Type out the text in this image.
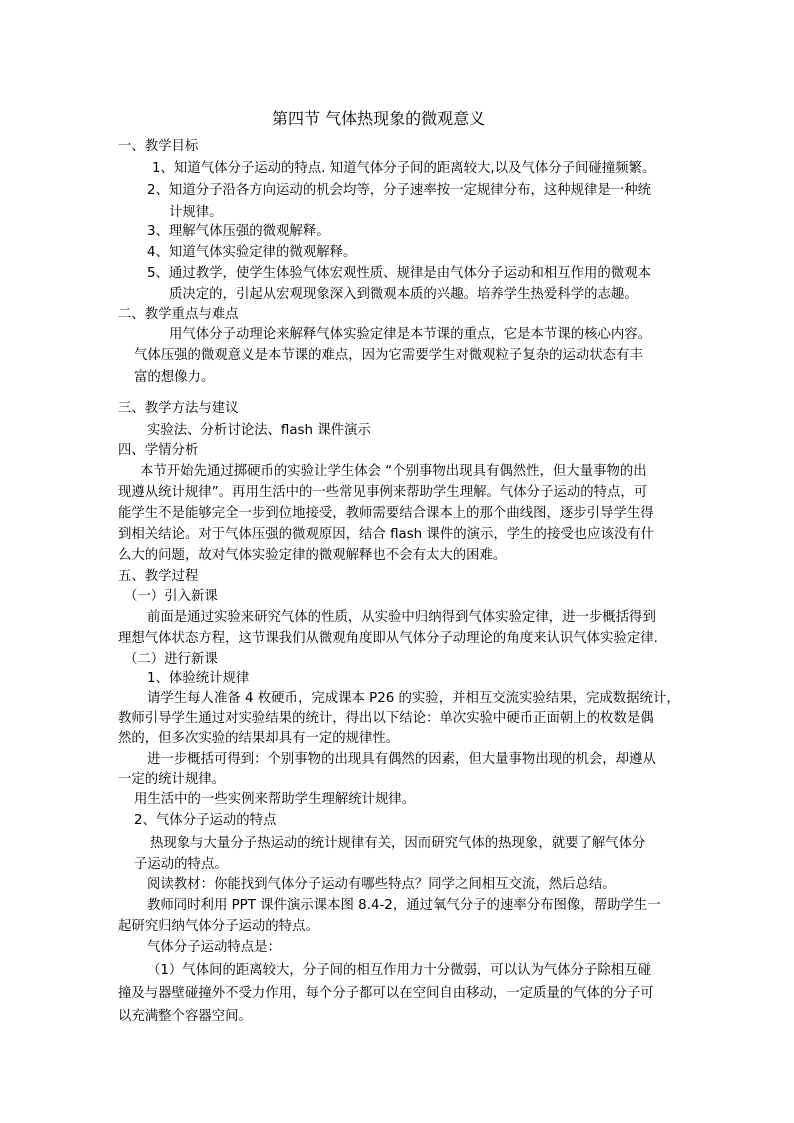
第四节 气体热现象的微观意义
一、教学目标
1、知道气体分子运动的特点. 知道气体分子间的距离较大,以及气体分子间碰撞频繁。
2、知道分子沿各方向运动的机会均等，分子速率按一定规律分布，这种规律是一种统
计规律。
3、理解气体压强的微观解释。
4、知道气体实验定律的微观解释。
5、通过教学，使学生体验气体宏观性质、规律是由气体分子运动和相互作用的微观本
质决定的，引起从宏观现象深入到微观本质的兴趣。培养学生热爱科学的志趣。
二、教学重点与难点
用气体分子动理论来解释气体实验定律是本节课的重点，它是本节课的核心内容。
气体压强的微观意义是本节课的难点，因为它需要学生对微观粒子复杂的运动状态有丰
富的想像力。
三、教学方法与建议
实验法、分析讨论法、flash 课件演示
四、学情分析
本节开始先通过掷硬币的实验让学生体会 “个别事物出现具有偶然性，但大量事物的出
现遵从统计规律”。再用生活中的一些常见事例来帮助学生理解。气体分子运动的特点，可
能学生不是能够完全一步到位地接受，教师需要结合课本上的那个曲线图，逐步引导学生得
到相关结论。对于气体压强的微观原因，结合 flash 课件的演示，学生的接受也应该没有什
么大的问题，故对气体实验定律的微观解释也不会有太大的困难。
五、教学过程
（一）引入新课
前面是通过实验来研究气体的性质，从实验中归纳得到气体实验定律，进一步概括得到
理想气体状态方程，这节课我们从微观角度即从气体分子动理论的角度来认识气体实验定律.
（二）进行新课
1、体验统计规律
请学生每人准备 4 枚硬币，完成课本 P26 的实验，并相互交流实验结果，完成数据统计，
教师引导学生通过对实验结果的统计，得出以下结论：单次实验中硬币正面朝上的枚数是偶
然的，但多次实验的结果却具有一定的规律性。
进一步概括可得到：个别事物的出现具有偶然的因素，但大量事物出现的机会，却遵从
一定的统计规律。
用生活中的一些实例来帮助学生理解统计规律。
2、气体分子运动的特点
热现象与大量分子热运动的统计规律有关，因而研究气体的热现象，就要了解气体分
子运动的特点。
阅读教材：你能找到气体分子运动有哪些特点？同学之间相互交流，然后总结。
教师同时利用 PPT 课件演示课本图 8.4-2，通过氧气分子的速率分布图像，帮助学生一
起研究归纳气体分子运动的特点。
气体分子运动特点是：
（1）气体间的距离较大，分子间的相互作用力十分微弱，可以认为气体分子除相互碰
撞及与器壁碰撞外不受力作用，每个分子都可以在空间自由移动，一定质量的气体的分子可
以充满整个容器空间。
